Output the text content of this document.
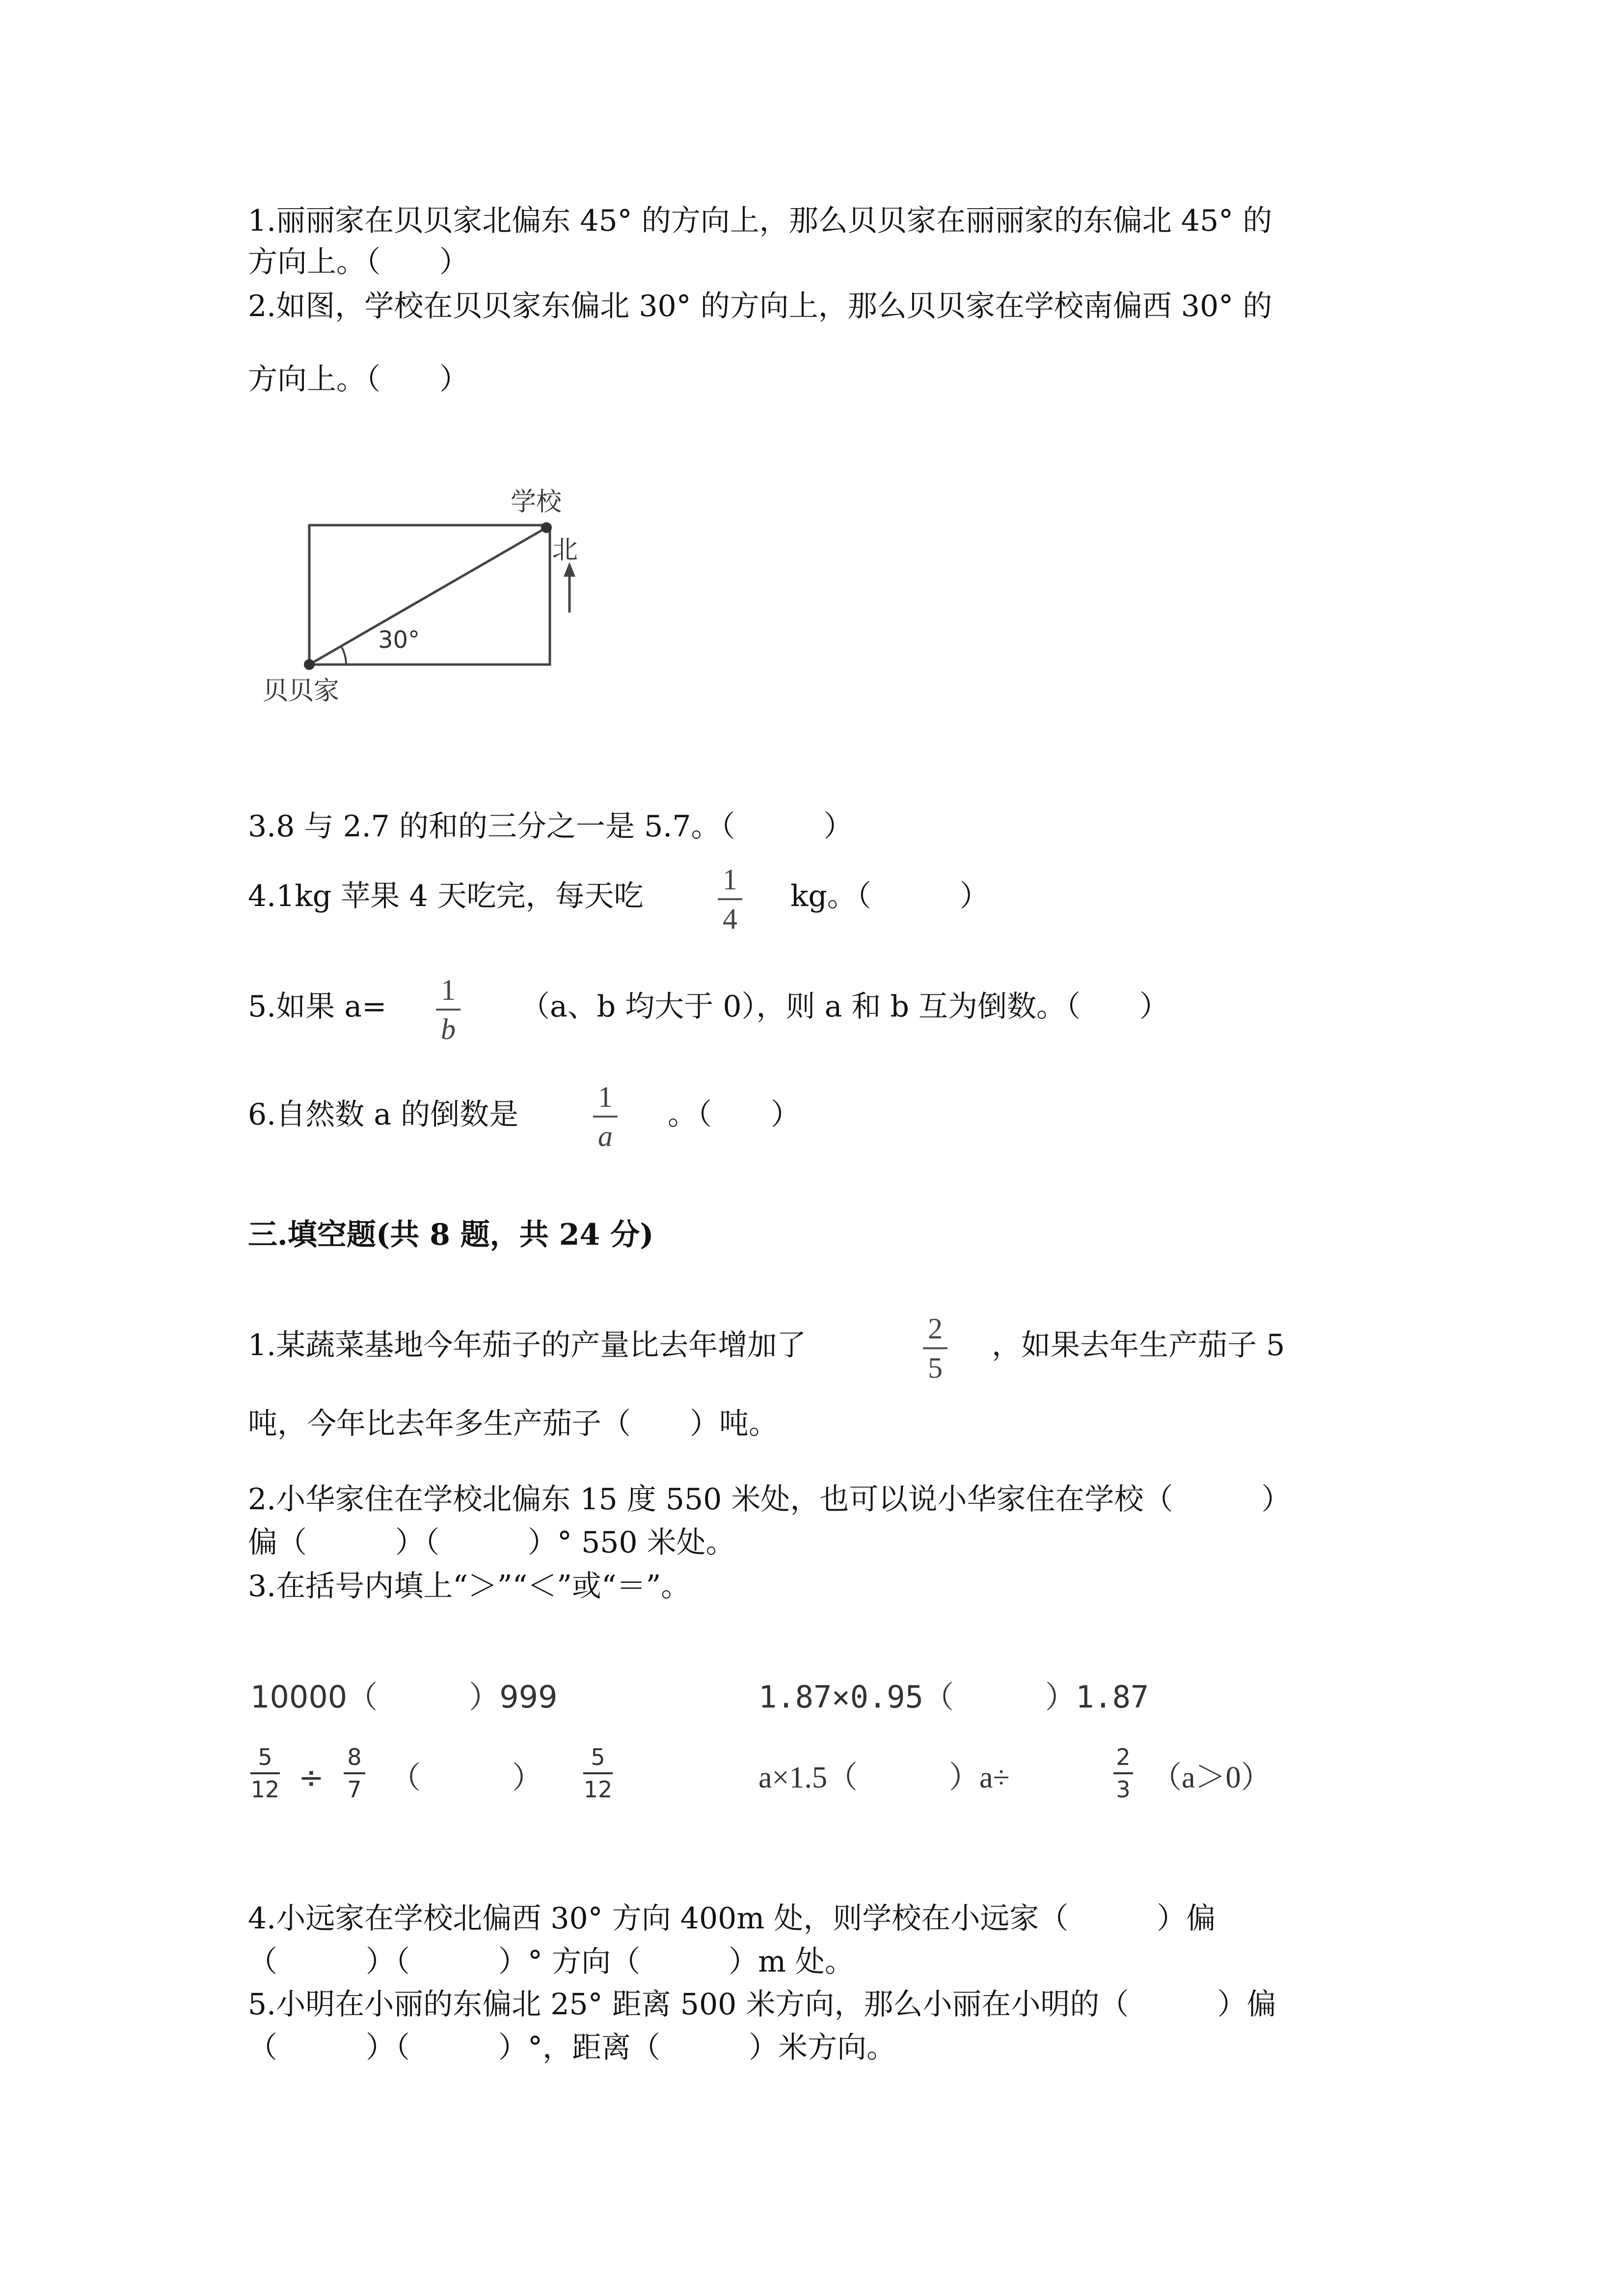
1.丽丽家在贝贝家北偏东 45° 的方向上，那么贝贝家在丽丽家的东偏北 45° 的

方向上。（　　）

2.如图，学校在贝贝家东偏北 30° 的方向上，那么贝贝家在学校南偏西 30° 的

方向上。（　　）

学校
北
30°
贝贝家

3.8 与 2.7 的和的三分之一是 5.7。（　　　）

4.1kg 苹果 4 天吃完，每天吃	1
4

kg。（　　　）

5.如果 a= 1
b

（a、b 均大于 0），则 a 和 b 互为倒数。（　　）

6.自然数 a 的倒数是

1
a

。（　　）

三.填空题(共 8 题，共 24 分)

1.某蔬菜基地今年茄子的产量比去年增加了	2
5

，如果去年生产茄子 5

吨，今年比去年多生产茄子（　　）吨。

2.小华家住在学校北偏东 15 度 550 米处，也可以说小华家住在学校（　　　）

偏（　　　）（　　　）° 550 米处。

3.在括号内填上“＞”“＜”或“＝”。

10000（　　　）999	1.87×0.95（　　　）1.87
5
12 ÷
8
7 （　　　）
5
12	a×1.5（　　　）a÷
2
3 （a＞0）

4.小远家在学校北偏西 30° 方向 400m 处，则学校在小远家（　　　）偏

（　　　）（　　　）° 方向（　　　）m 处。

5.小明在小丽的东偏北 25° 距离 500 米方向，那么小丽在小明的（　　　）偏

（　　　）（　　　）°，距离（　　　）米方向。
